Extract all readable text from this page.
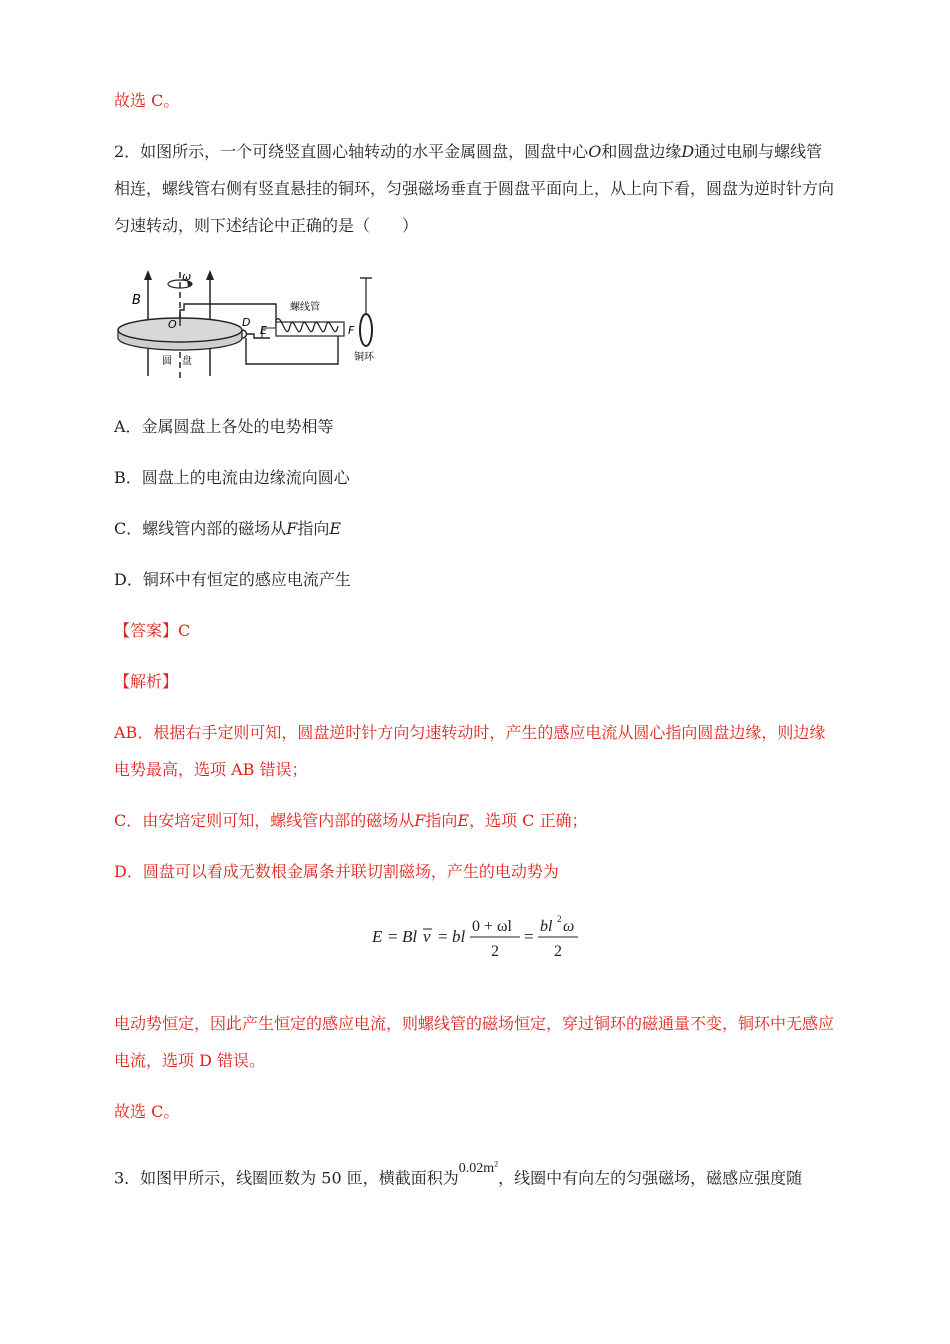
故选 C。

2．如图所示，一个可绕竖直圆心轴转动的水平金属圆盘，圆盘中心O和圆盘边缘D通过电刷与螺线管相连，螺线管右侧有竖直悬挂的铜环，匀强磁场垂直于圆盘平面向上，从上向下看，圆盘为逆时针方向匀速转动，则下述结论中正确的是（　　）

B
ω
圆　盘
O	D
E	F
螺线管
铜环

A．金属圆盘上各处的电势相等

B．圆盘上的电流由边缘流向圆心

C．螺线管内部的磁场从F指向E

D．铜环中有恒定的感应电流产生

【答案】C

【解析】

AB．根据右手定则可知，圆盘逆时针方向匀速转动时，产生的感应电流从圆心指向圆盘边缘，则边缘电势最高，选项 AB 错误；

C．由安培定则可知，螺线管内部的磁场从F指向E，选项 C 正确；

D．圆盘可以看成无数根金属条并联切割磁场，产生的电动势为

E = Bl v = bl
0 + ωl
2
=
bl 2 ω
2

电动势恒定，因此产生恒定的感应电流，则螺线管的磁场恒定，穿过铜环的磁通量不变，铜环中无感应电流，选项 D 错误。

故选 C。

3．如图甲所示，线圈匝数为 50 匝，横截面积为$0.02m^2$，线圈中有向左的匀强磁场，磁感应强度随
